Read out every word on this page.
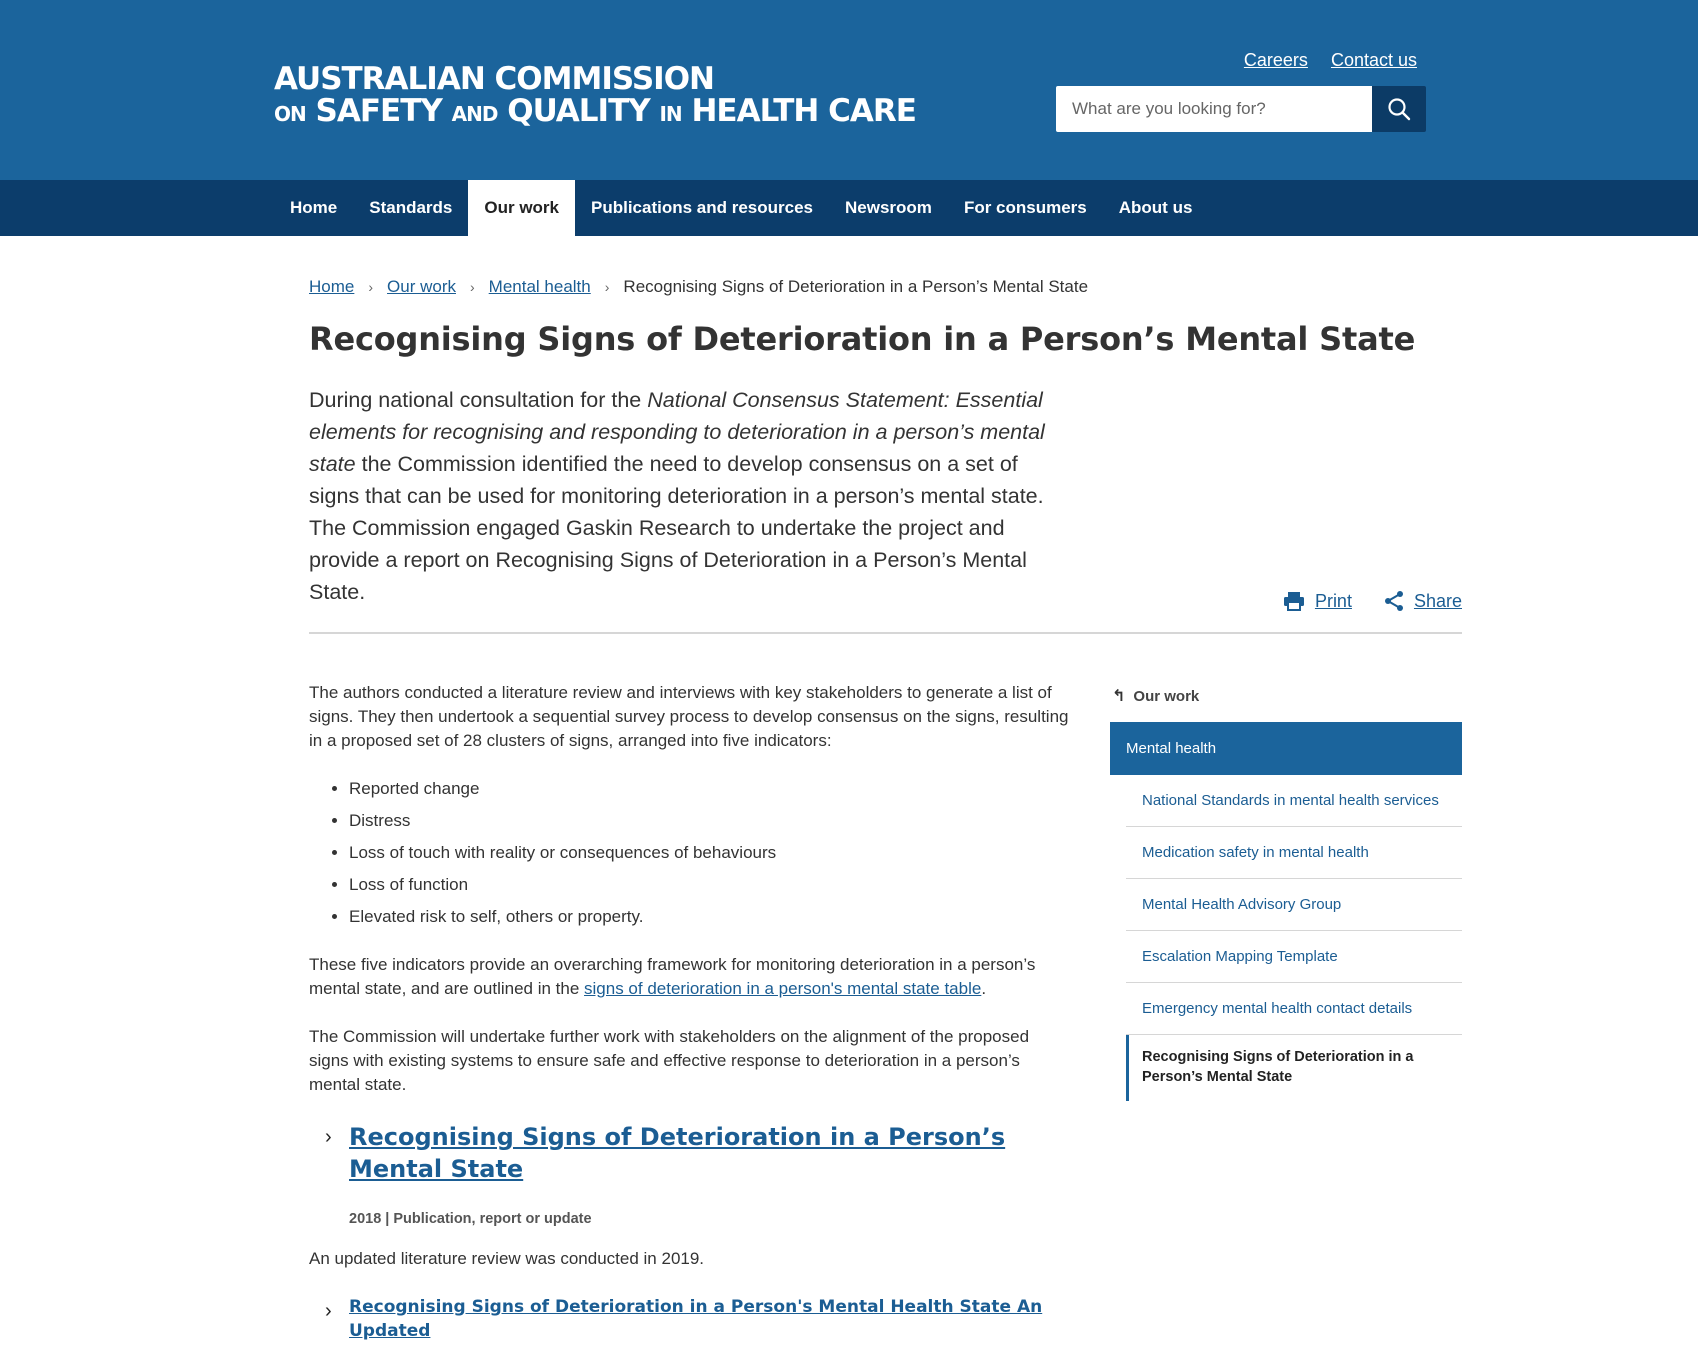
AUSTRALIAN COMMISSION
ON SAFETY AND QUALITY IN HEALTH CARE
Careers Contact us
What are you looking for?
Home	Standards	Our work	Publications and resources	Newsroom	For consumers	About us
Home › Our work › Mental health › Recognising Signs of Deterioration in a Person’s Mental State
Recognising Signs of Deterioration in a Person’s Mental State

During national consultation for the National Consensus Statement: Essential elements for recognising and responding to deterioration in a person’s mental state the Commission identified the need to develop consensus on a set of signs that can be used for monitoring deterioration in a person’s mental state. The Commission engaged Gaskin Research to undertake the project and provide a report on Recognising Signs of Deterioration in a Person’s Mental State.	Print	Share

The authors conducted a literature review and interviews with key stakeholders to generate a list of signs. They then undertook a sequential survey process to develop consensus on the signs, resulting in a proposed set of 28 clusters of signs, arranged into five indicators:

• Reported change
• Distress
• Loss of touch with reality or consequences of behaviours
• Loss of function
• Elevated risk to self, others or property.

These five indicators provide an overarching framework for monitoring deterioration in a person’s mental state, and are outlined in the signs of deterioration in a person's mental state table.

The Commission will undertake further work with stakeholders on the alignment of the proposed signs with existing systems to ensure safe and effective response to deterioration in a person’s mental state.

› Recognising Signs of Deterioration in a Person’s Mental State
2018 | Publication, report or update

An updated literature review was conducted in 2019.

› Recognising Signs of Deterioration in a Person's Mental Health State An Updated
↰ Our work
Mental health
National Standards in mental health services
Medication safety in mental health
Mental Health Advisory Group
Escalation Mapping Template
Emergency mental health contact details
Recognising Signs of Deterioration in a Person’s Mental State
